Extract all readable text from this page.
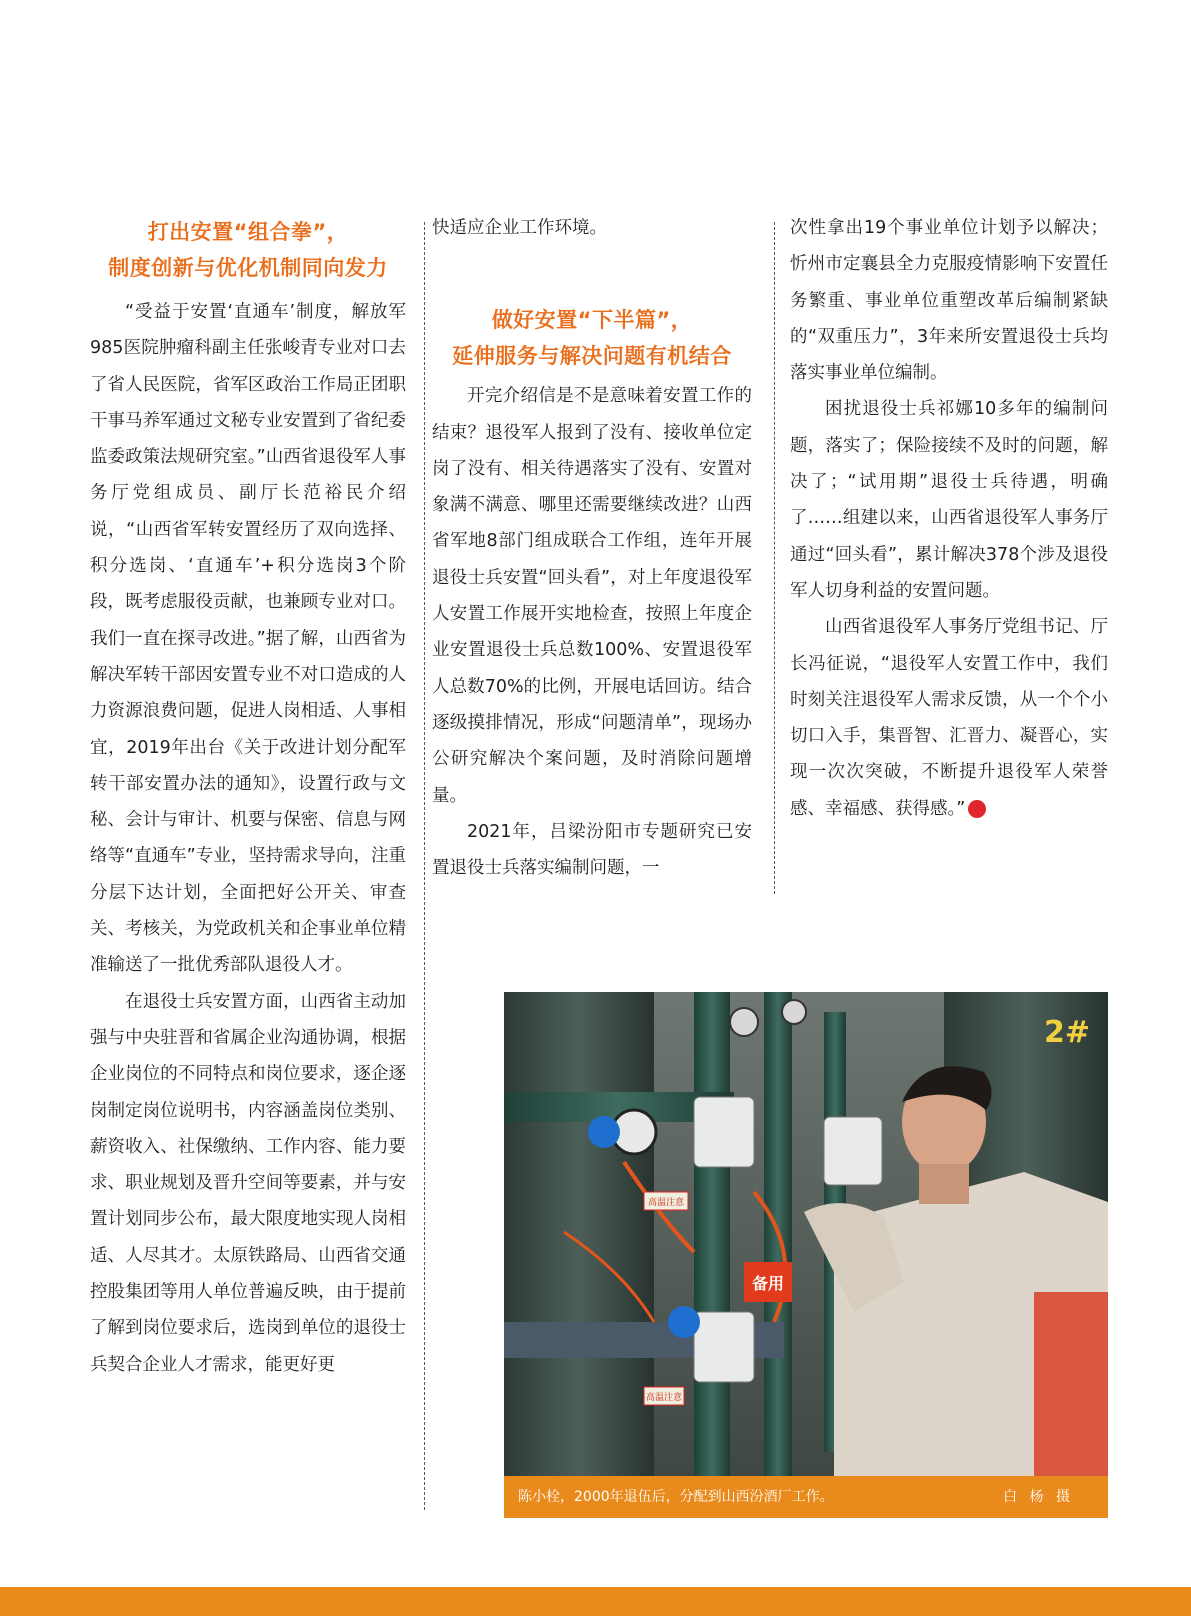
打出安置“组合拳”，
制度创新与优化机制同向发力

“受益于安置‘直通车’制度，解放军985医院肿瘤科副主任张峻青专业对口去了省人民医院，省军区政治工作局正团职干事马养军通过文秘专业安置到了省纪委监委政策法规研究室。”山西省退役军人事务厅党组成员、副厅长范裕民介绍说，“山西省军转安置经历了双向选择、积分选岗、‘直通车’+积分选岗3个阶段，既考虑服役贡献，也兼顾专业对口。我们一直在探寻改进。”据了解，山西省为解决军转干部因安置专业不对口造成的人力资源浪费问题，促进人岗相适、人事相宜，2019年出台《关于改进计划分配军转干部安置办法的通知》，设置行政与文秘、会计与审计、机要与保密、信息与网络等“直通车”专业，坚持需求导向，注重分层下达计划，全面把好公开关、审查关、考核关，为党政机关和企事业单位精准输送了一批优秀部队退役人才。

在退役士兵安置方面，山西省主动加强与中央驻晋和省属企业沟通协调，根据企业岗位的不同特点和岗位要求，逐企逐岗制定岗位说明书，内容涵盖岗位类别、薪资收入、社保缴纳、工作内容、能力要求、职业规划及晋升空间等要素，并与安置计划同步公布，最大限度地实现人岗相适、人尽其才。太原铁路局、山西省交通控股集团等用人单位普遍反映，由于提前了解到岗位要求后，选岗到单位的退役士兵契合企业人才需求，能更好更

快适应企业工作环境。

做好安置“下半篇”，
延伸服务与解决问题有机结合

开完介绍信是不是意味着安置工作的结束？退役军人报到了没有、接收单位定岗了没有、相关待遇落实了没有、安置对象满不满意、哪里还需要继续改进？山西省军地8部门组成联合工作组，连年开展退役士兵安置“回头看”，对上年度退役军人安置工作展开实地检查，按照上年度企业安置退役士兵总数100%、安置退役军人总数70%的比例，开展电话回访。结合逐级摸排情况，形成“问题清单”，现场办公研究解决个案问题，及时消除问题增量。

2021年，吕梁汾阳市专题研究已安置退役士兵落实编制问题，一

次性拿出19个事业单位计划予以解决；忻州市定襄县全力克服疫情影响下安置任务繁重、事业单位重塑改革后编制紧缺的“双重压力”，3年来所安置退役士兵均落实事业单位编制。

困扰退役士兵祁娜10多年的编制问题，落实了；保险接续不及时的问题，解决了；“试用期”退役士兵待遇，明确了……组建以来，山西省退役军人事务厅通过“回头看”，累计解决378个涉及退役军人切身利益的安置问题。

山西省退役军人事务厅党组书记、厅长冯征说，“退役军人安置工作中，我们时刻关注退役军人需求反馈，从一个个小切口入手，集晋智、汇晋力、凝晋心，实现一次次突破，不断提升退役军人荣誉感、幸福感、获得感。”	Y

2#
备用
高温注意
高温注意
陈小栓，2000年退伍后，分配到山西汾酒厂工作。	白 杨 摄
